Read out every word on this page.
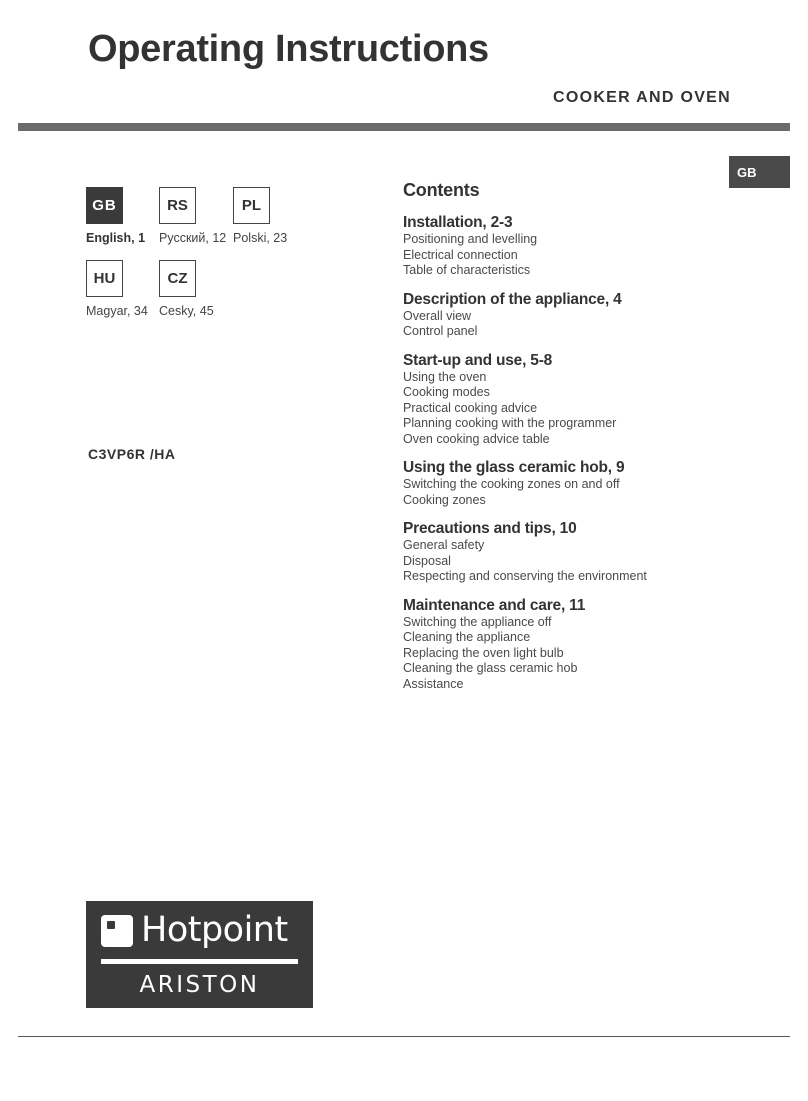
Operating Instructions
COOKER AND OVEN
GB
GB	RS	PL
English, 1 Русский, 12 Polski, 23
HU	CZ
Magyar, 34 Cesky, 45
C3VP6R /HA
Contents
Installation, 2-3
Positioning and levelling
Electrical connection
Table of characteristics
Description of the appliance, 4
Overall view
Control panel
Start-up and use, 5-8
Using the oven
Cooking modes
Practical cooking advice
Planning cooking with the programmer
Oven cooking advice table
Using the glass ceramic hob, 9
Switching the cooking zones on and off
Cooking zones
Precautions and tips, 10
General safety
Disposal
Respecting and conserving the environment
Maintenance and care, 11
Switching the appliance off
Cleaning the appliance
Replacing the oven light bulb
Cleaning the glass ceramic hob
Assistance
Hotpoint
ARISTON
